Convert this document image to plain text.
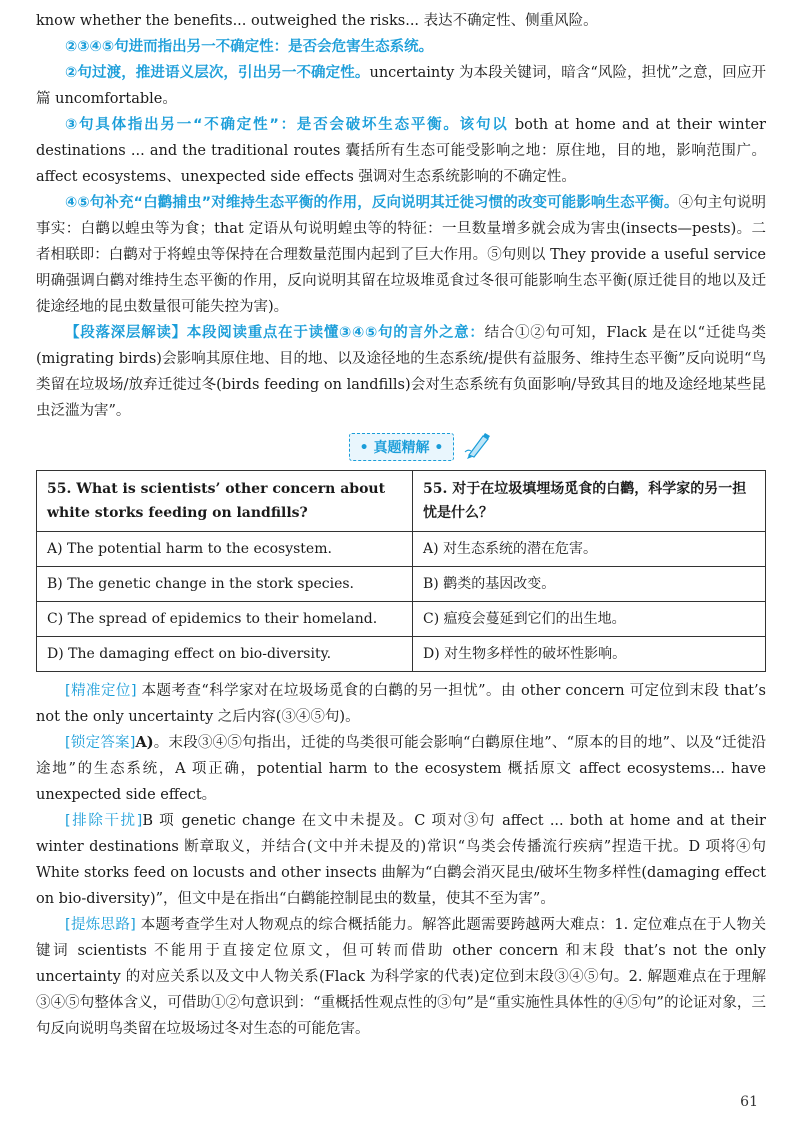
know whether the benefits... outweighed the risks... 表达不确定性、侧重风险。

②③④⑤句进而指出另一不确定性：是否会危害生态系统。

②句过渡，推进语义层次，引出另一不确定性。uncertainty 为本段关键词，暗含“风险，担忧”之意，回应开篇 uncomfortable。

③句具体指出另一“不确定性”：是否会破坏生态平衡。该句以 both at home and at their winter destinations ... and the traditional routes 囊括所有生态可能受影响之地：原住地，目的地，影响范围广。affect ecosystems、unexpected side effects 强调对生态系统影响的不确定性。

④⑤句补充“白鹳捕虫”对维持生态平衡的作用，反向说明其迁徙习惯的改变可能影响生态平衡。④句主句说明事实：白鹳以蝗虫等为食；that 定语从句说明蝗虫等的特征：一旦数量增多就会成为害虫(insects—pests)。二者相联即：白鹳对于将蝗虫等保持在合理数量范围内起到了巨大作用。⑤句则以 They provide a useful service 明确强调白鹳对维持生态平衡的作用，反向说明其留在垃圾堆觅食过冬很可能影响生态平衡(原迁徙目的地以及迁徙途经地的昆虫数量很可能失控为害)。

【段落深层解读】本段阅读重点在于读懂③④⑤句的言外之意：结合①②句可知，Flack 是在以“迁徙鸟类(migrating birds)会影响其原住地、目的地、以及途径地的生态系统/提供有益服务、维持生态平衡”反向说明“鸟类留在垃圾场/放弃迁徙过冬(birds feeding on landfills)会对生态系统有负面影响/导致其目的地及途经地某些昆虫泛滥为害”。

• 真题精解 •
55. What is scientists’ other concern about white storks feeding on landfills?	55. 对于在垃圾填埋场觅食的白鹳，科学家的另一担忧是什么？
A) The potential harm to the ecosystem.	A) 对生态系统的潜在危害。
B) The genetic change in the stork species.	B) 鹳类的基因改变。
C) The spread of epidemics to their homeland.	C) 瘟疫会蔓延到它们的出生地。
D) The damaging effect on bio-diversity.	D) 对生物多样性的破坏性影响。

[精准定位] 本题考查“科学家对在垃圾场觅食的白鹳的另一担忧”。由 other concern 可定位到末段 that’s not the only uncertainty 之后内容(③④⑤句)。

[锁定答案]A)。末段③④⑤句指出，迁徙的鸟类很可能会影响“白鹳原住地”、“原本的目的地”、以及“迁徙沿途地”的生态系统，A 项正确，potential harm to the ecosystem 概括原文 affect ecosystems... have unexpected side effect。

[排除干扰]B 项 genetic change 在文中未提及。C 项对③句 affect ... both at home and at their winter destinations 断章取义，并结合(文中并未提及的)常识“鸟类会传播流行疾病”捏造干扰。D 项将④句 White storks feed on locusts and other insects 曲解为“白鹳会消灭昆虫/破坏生物多样性(damaging effect on bio-diversity)”，但文中是在指出“白鹳能控制昆虫的数量，使其不至为害”。

[提炼思路] 本题考查学生对人物观点的综合概括能力。解答此题需要跨越两大难点：1. 定位难点在于人物关键词 scientists 不能用于直接定位原文，但可转而借助 other concern 和末段 that’s not the only uncertainty 的对应关系以及文中人物关系(Flack 为科学家的代表)定位到末段③④⑤句。2. 解题难点在于理解③④⑤句整体含义，可借助①②句意识到：“重概括性观点性的③句”是“重实施性具体性的④⑤句”的论证对象，三句反向说明鸟类留在垃圾场过冬对生态的可能危害。

61
